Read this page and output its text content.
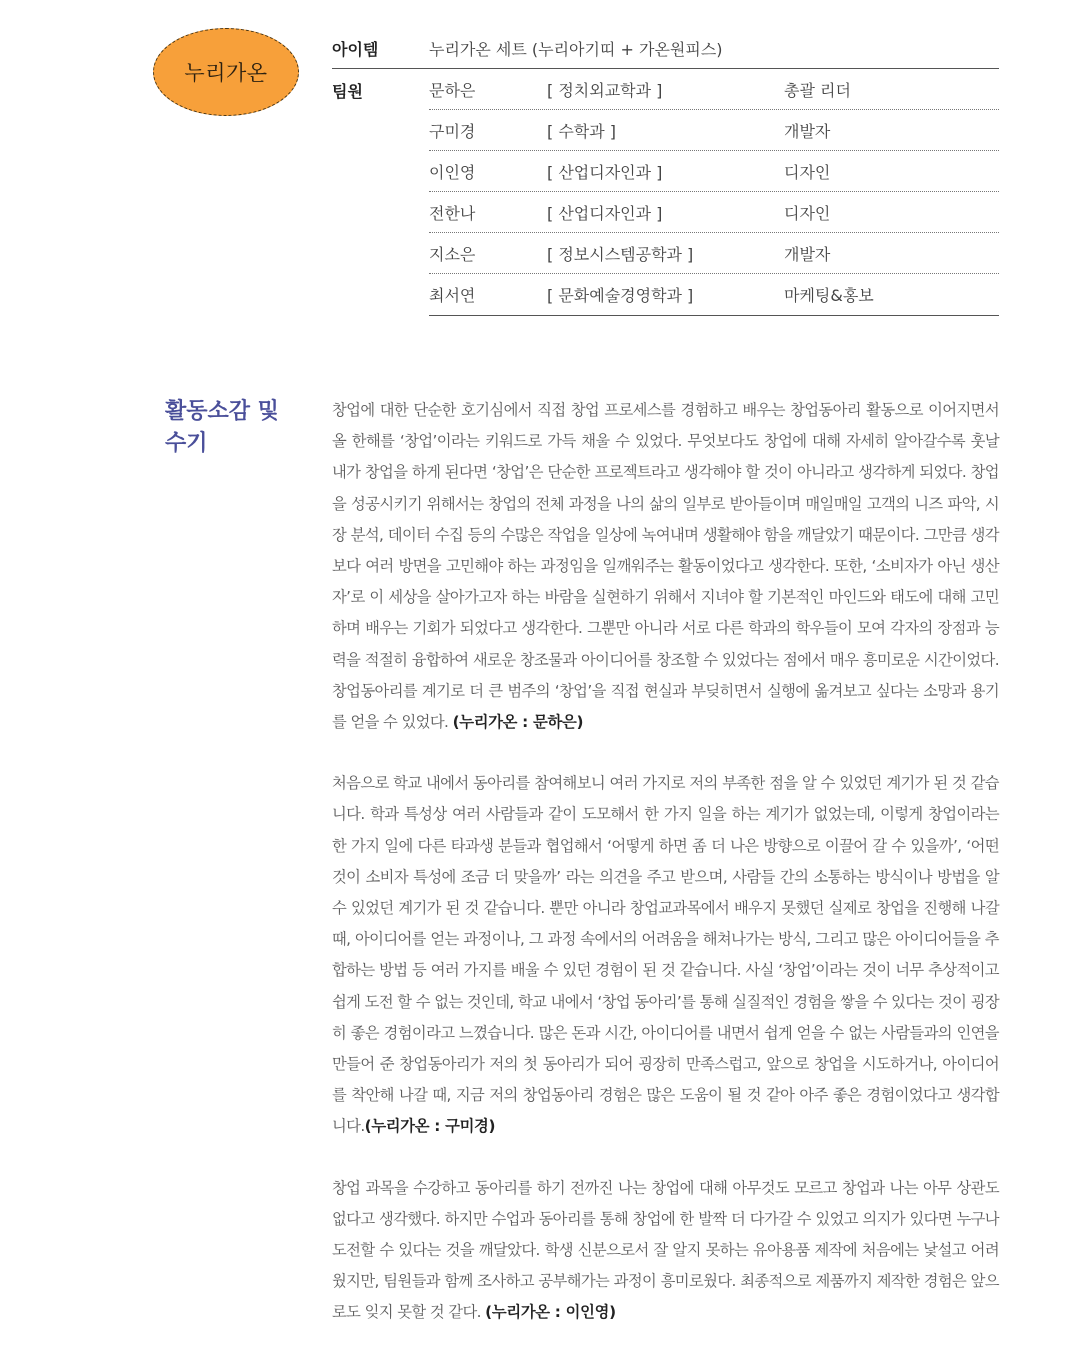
누리가온
아이템	누리가온 세트 (누리아기띠 + 가온원피스)
팀원	문하은	[ 정치외교학과 ]	총괄 리더
구미경	[ 수학과 ]	개발자
이인영	[ 산업디자인과 ]	디자인
전한나	[ 산업디자인과 ]	디자인
지소은	[ 정보시스템공학과 ]	개발자
최서연	[ 문화예술경영학과 ]	마케팅&홍보
활동소감 및 수기

창업에 대한 단순한 호기심에서 직접 창업 프로세스를 경험하고 배우는 창업동아리 활동으로 이어지면서 올 한해를 ‘창업’이라는 키워드로 가득 채울 수 있었다. 무엇보다도 창업에 대해 자세히 알아갈수록 훗날 내가 창업을 하게 된다면 ‘창업’은 단순한 프로젝트라고 생각해야 할 것이 아니라고 생각하게 되었다. 창업을 성공시키기 위해서는 창업의 전체 과정을 나의 삶의 일부로 받아들이며 매일매일 고객의 니즈 파악, 시장 분석, 데이터 수집 등의 수많은 작업을 일상에 녹여내며 생활해야 함을 깨달았기 때문이다. 그만큼 생각보다 여러 방면을 고민해야 하는 과정임을 일깨워주는 활동이었다고 생각한다. 또한, ‘소비자가 아닌 생산자’로 이 세상을 살아가고자 하는 바람을 실현하기 위해서 지녀야 할 기본적인 마인드와 태도에 대해 고민하며 배우는 기회가 되었다고 생각한다. 그뿐만 아니라 서로 다른 학과의 학우들이 모여 각자의 장점과 능력을 적절히 융합하여 새로운 창조물과 아이디어를 창조할 수 있었다는 점에서 매우 흥미로운 시간이었다. 창업동아리를 계기로 더 큰 범주의 ‘창업’을 직접 현실과 부딪히면서 실행에 옮겨보고 싶다는 소망과 용기를 얻을 수 있었다. (누리가온 : 문하은)

처음으로 학교 내에서 동아리를 참여해보니 여러 가지로 저의 부족한 점을 알 수 있었던 계기가 된 것 같습니다. 학과 특성상 여러 사람들과 같이 도모해서 한 가지 일을 하는 계기가 없었는데, 이렇게 창업이라는 한 가지 일에 다른 타과생 분들과 협업해서 ‘어떻게 하면 좀 더 나은 방향으로 이끌어 갈 수 있을까’, ‘어떤 것이 소비자 특성에 조금 더 맞을까’ 라는 의견을 주고 받으며, 사람들 간의 소통하는 방식이나 방법을 알 수 있었던 계기가 된 것 같습니다. 뿐만 아니라 창업교과목에서 배우지 못했던 실제로 창업을 진행해 나갈 때, 아이디어를 얻는 과정이나, 그 과정 속에서의 어려움을 해쳐나가는 방식, 그리고 많은 아이디어들을 추합하는 방법 등 여러 가지를 배울 수 있던 경험이 된 것 같습니다. 사실 ‘창업’이라는 것이 너무 추상적이고 쉽게 도전 할 수 없는 것인데, 학교 내에서 ‘창업 동아리’를 통해 실질적인 경험을 쌓을 수 있다는 것이 굉장히 좋은 경험이라고 느꼈습니다. 많은 돈과 시간, 아이디어를 내면서 쉽게 얻을 수 없는 사람들과의 인연을 만들어 준 창업동아리가 저의 첫 동아리가 되어 굉장히 만족스럽고, 앞으로 창업을 시도하거나, 아이디어를 착안해 나갈 때, 지금 저의 창업동아리 경험은 많은 도움이 될 것 같아 아주 좋은 경험이었다고 생각합니다.(누리가온 : 구미경)

창업 과목을 수강하고 동아리를 하기 전까진 나는 창업에 대해 아무것도 모르고 창업과 나는 아무 상관도 없다고 생각했다. 하지만 수업과 동아리를 통해 창업에 한 발짝 더 다가갈 수 있었고 의지가 있다면 누구나 도전할 수 있다는 것을 깨달았다. 학생 신분으로서 잘 알지 못하는 유아용품 제작에 처음에는 낯설고 어려웠지만, 팀원들과 함께 조사하고 공부해가는 과정이 흥미로웠다. 최종적으로 제품까지 제작한 경험은 앞으로도 잊지 못할 것 같다. (누리가온 : 이인영)
